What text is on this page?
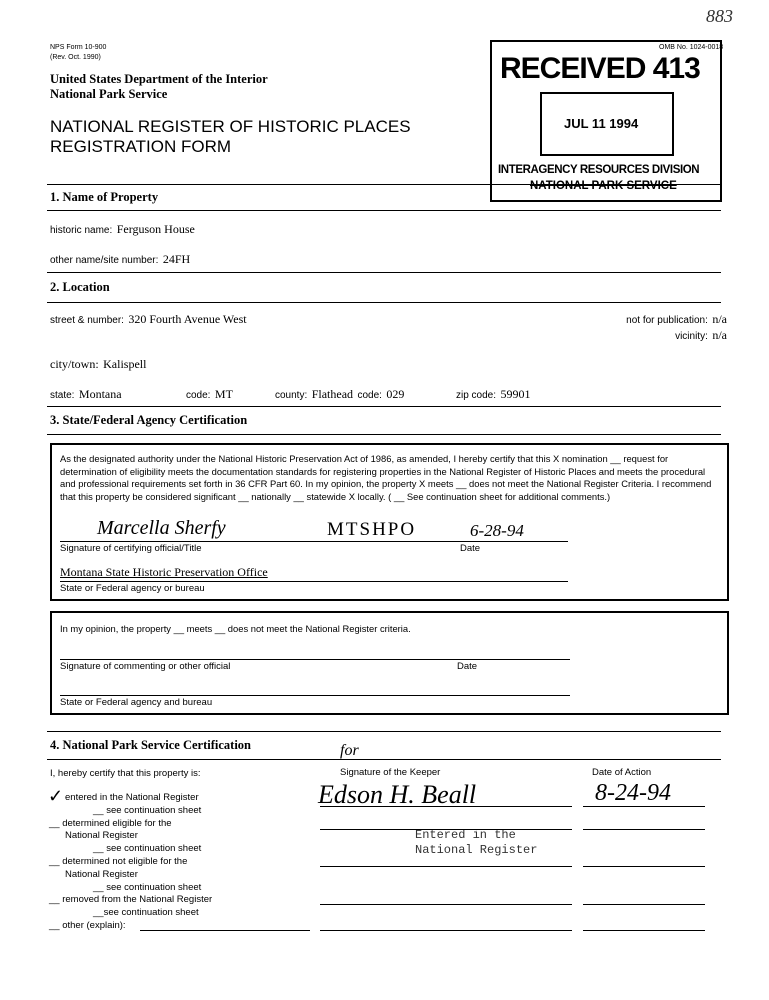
883
NPS Form 10-900
(Rev. Oct. 1990)
OMB No. 1024-0018
United States Department of the Interior
National Park Service
NATIONAL REGISTER OF HISTORIC PLACES
REGISTRATION FORM
RECEIVED 413
JUL 11 1994
INTERAGENCY RESOURCES DIVISION
NATIONAL PARK SERVICE
1. Name of Property
historic name: Ferguson House
other name/site number: 24FH
2. Location
street & number: 320 Fourth Avenue West	not for publication: n/a
vicinity: n/a
city/town: Kalispell
state: Montana	code: MT	county: Flathead code: 029	zip code: 59901
3. State/Federal Agency Certification
As the designated authority under the National Historic Preservation Act of 1986, as amended, I hereby certify that this X nomination __ request for determination of eligibility meets the documentation standards for registering properties in the National Register of Historic Places and meets the procedural and professional requirements set forth in 36 CFR Part 60. In my opinion, the property X meets __ does not meet the National Register Criteria. I recommend that this property be considered significant __ nationally __ statewide X locally. ( __ See continuation sheet for additional comments.)
Marcella Sherfy	MTSHPO	6-28-94
Signature of certifying official/Title	Date
Montana State Historic Preservation Office
State or Federal agency or bureau
In my opinion, the property __ meets __ does not meet the National Register criteria.
Signature of commenting or other official	Date
State or Federal agency and bureau
4. National Park Service Certification
I, hereby certify that this property is:
for
Signature of the Keeper	Date of Action
Edson H. Beall	8-24-94
✓ entered in the National Register
__ see continuation sheet
__ determined eligible for the
National Register
__ see continuation sheet
__ determined not eligible for the
National Register
__ see continuation sheet
__ removed from the National Register
__see continuation sheet
__ other (explain):
Entered in the
National Register
